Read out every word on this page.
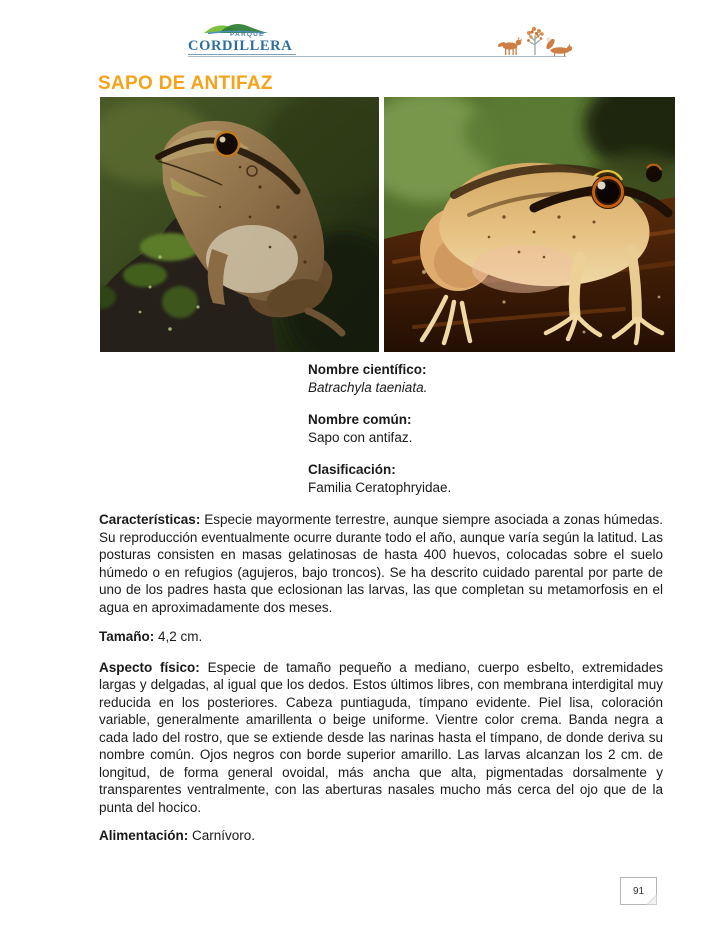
PARQUE
CORDILLERA
SAPO DE ANTIFAZ
Nombre científico:
Batrachyla taeniata.
Nombre común:
Sapo con antifaz.
Clasificación:
Familia Ceratophryidae.

Características: Especie mayormente terrestre, aunque siempre asociada a zonas húmedas. Su reproducción eventualmente ocurre durante todo el año, aunque varía según la latitud. Las posturas consisten en masas gelatinosas de hasta 400 huevos, colocadas sobre el suelo húmedo o en refugios (agujeros, bajo troncos). Se ha descrito cuidado parental por parte de uno de los padres hasta que eclosionan las larvas, las que completan su metamorfosis en el agua en aproximadamente dos meses.

Tamaño: 4,2 cm.

Aspecto físico: Especie de tamaño pequeño a mediano, cuerpo esbelto, extremidades largas y delgadas, al igual que los dedos. Estos últimos libres, con membrana interdigital muy reducida en los posteriores. Cabeza puntiaguda, tímpano evidente. Piel lisa, coloración variable, generalmente amarillenta o beige uniforme. Vientre color crema. Banda negra a cada lado del rostro, que se extiende desde las narinas hasta el tímpano, de donde deriva su nombre común. Ojos negros con borde superior amarillo. Las larvas alcanzan los 2 cm. de longitud, de forma general ovoidal, más ancha que alta, pigmentadas dorsalmente y transparentes ventralmente, con las aberturas nasales mucho más cerca del ojo que de la punta del hocico.

Alimentación: Carnívoro.

91
